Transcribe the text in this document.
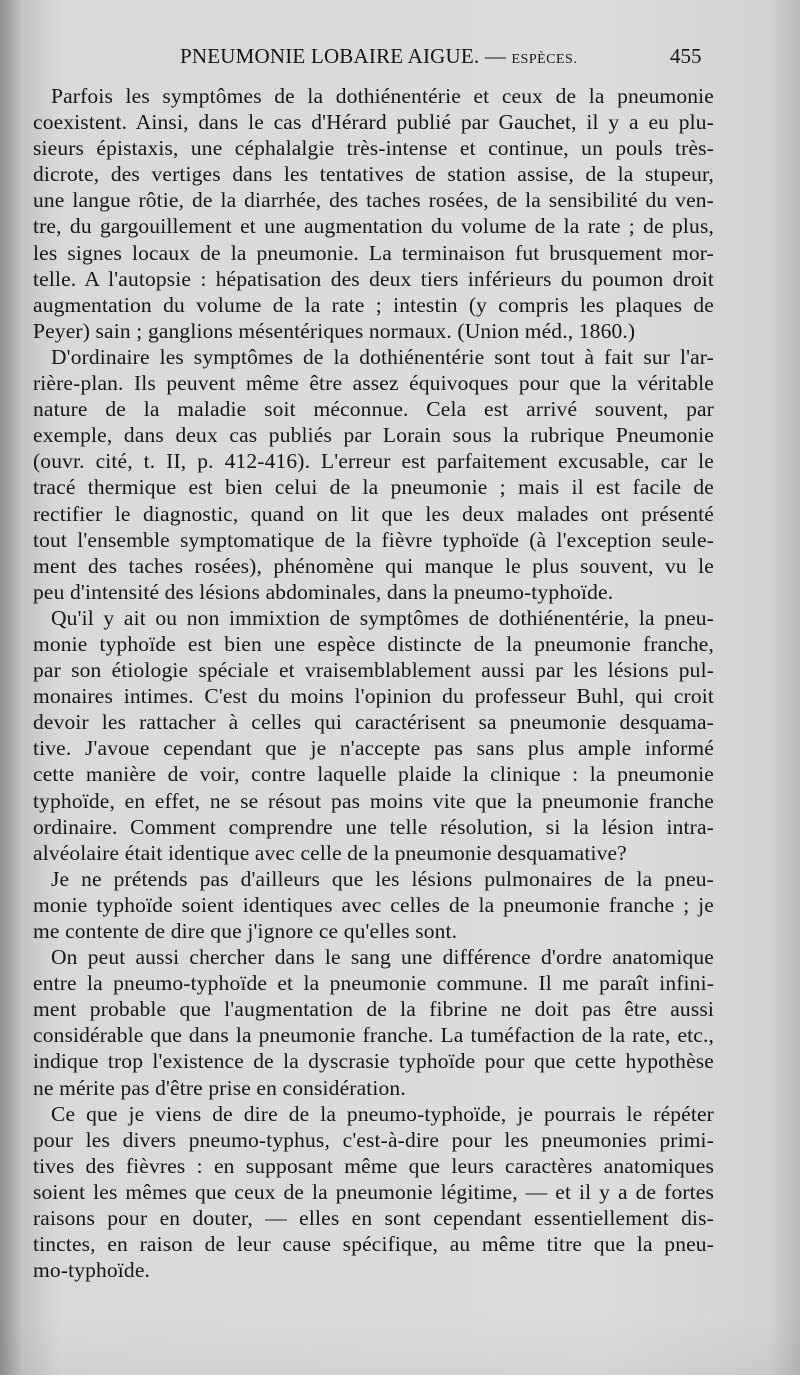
PNEUMONIE LOBAIRE AIGUE. — ESPÈCES.	455
Parfois les symptômes de la dothiénentérie et ceux de la pneumonie
coexistent. Ainsi, dans le cas d'Hérard publié par Gauchet, il y a eu plu-
sieurs épistaxis, une céphalalgie très-intense et continue, un pouls très-
dicrote, des vertiges dans les tentatives de station assise, de la stupeur,
une langue rôtie, de la diarrhée, des taches rosées, de la sensibilité du ven-
tre, du gargouillement et une augmentation du volume de la rate ; de plus,
les signes locaux de la pneumonie. La terminaison fut brusquement mor-
telle. A l'autopsie : hépatisation des deux tiers inférieurs du poumon droit
augmentation du volume de la rate ; intestin (y compris les plaques de
Peyer) sain ; ganglions mésentériques normaux. (Union méd., 1860.)
D'ordinaire les symptômes de la dothiénentérie sont tout à fait sur l'ar-
rière-plan. Ils peuvent même être assez équivoques pour que la véritable
nature de la maladie soit méconnue. Cela est arrivé souvent, par
exemple, dans deux cas publiés par Lorain sous la rubrique Pneumonie
(ouvr. cité, t. II, p. 412-416). L'erreur est parfaitement excusable, car le
tracé thermique est bien celui de la pneumonie ; mais il est facile de
rectifier le diagnostic, quand on lit que les deux malades ont présenté
tout l'ensemble symptomatique de la fièvre typhoïde (à l'exception seule-
ment des taches rosées), phénomène qui manque le plus souvent, vu le
peu d'intensité des lésions abdominales, dans la pneumo-typhoïde.
Qu'il y ait ou non immixtion de symptômes de dothiénentérie, la pneu-
monie typhoïde est bien une espèce distincte de la pneumonie franche,
par son étiologie spéciale et vraisemblablement aussi par les lésions pul-
monaires intimes. C'est du moins l'opinion du professeur Buhl, qui croit
devoir les rattacher à celles qui caractérisent sa pneumonie desquama-
tive. J'avoue cependant que je n'accepte pas sans plus ample informé
cette manière de voir, contre laquelle plaide la clinique : la pneumonie
typhoïde, en effet, ne se résout pas moins vite que la pneumonie franche
ordinaire. Comment comprendre une telle résolution, si la lésion intra-
alvéolaire était identique avec celle de la pneumonie desquamative?
Je ne prétends pas d'ailleurs que les lésions pulmonaires de la pneu-
monie typhoïde soient identiques avec celles de la pneumonie franche ; je
me contente de dire que j'ignore ce qu'elles sont.
On peut aussi chercher dans le sang une différence d'ordre anatomique
entre la pneumo-typhoïde et la pneumonie commune. Il me paraît infini-
ment probable que l'augmentation de la fibrine ne doit pas être aussi
considérable que dans la pneumonie franche. La tuméfaction de la rate, etc.,
indique trop l'existence de la dyscrasie typhoïde pour que cette hypothèse
ne mérite pas d'être prise en considération.
Ce que je viens de dire de la pneumo-typhoïde, je pourrais le répéter
pour les divers pneumo-typhus, c'est-à-dire pour les pneumonies primi-
tives des fièvres : en supposant même que leurs caractères anatomiques
soient les mêmes que ceux de la pneumonie légitime, — et il y a de fortes
raisons pour en douter, — elles en sont cependant essentiellement dis-
tinctes, en raison de leur cause spécifique, au même titre que la pneu-
mo-typhoïde.
